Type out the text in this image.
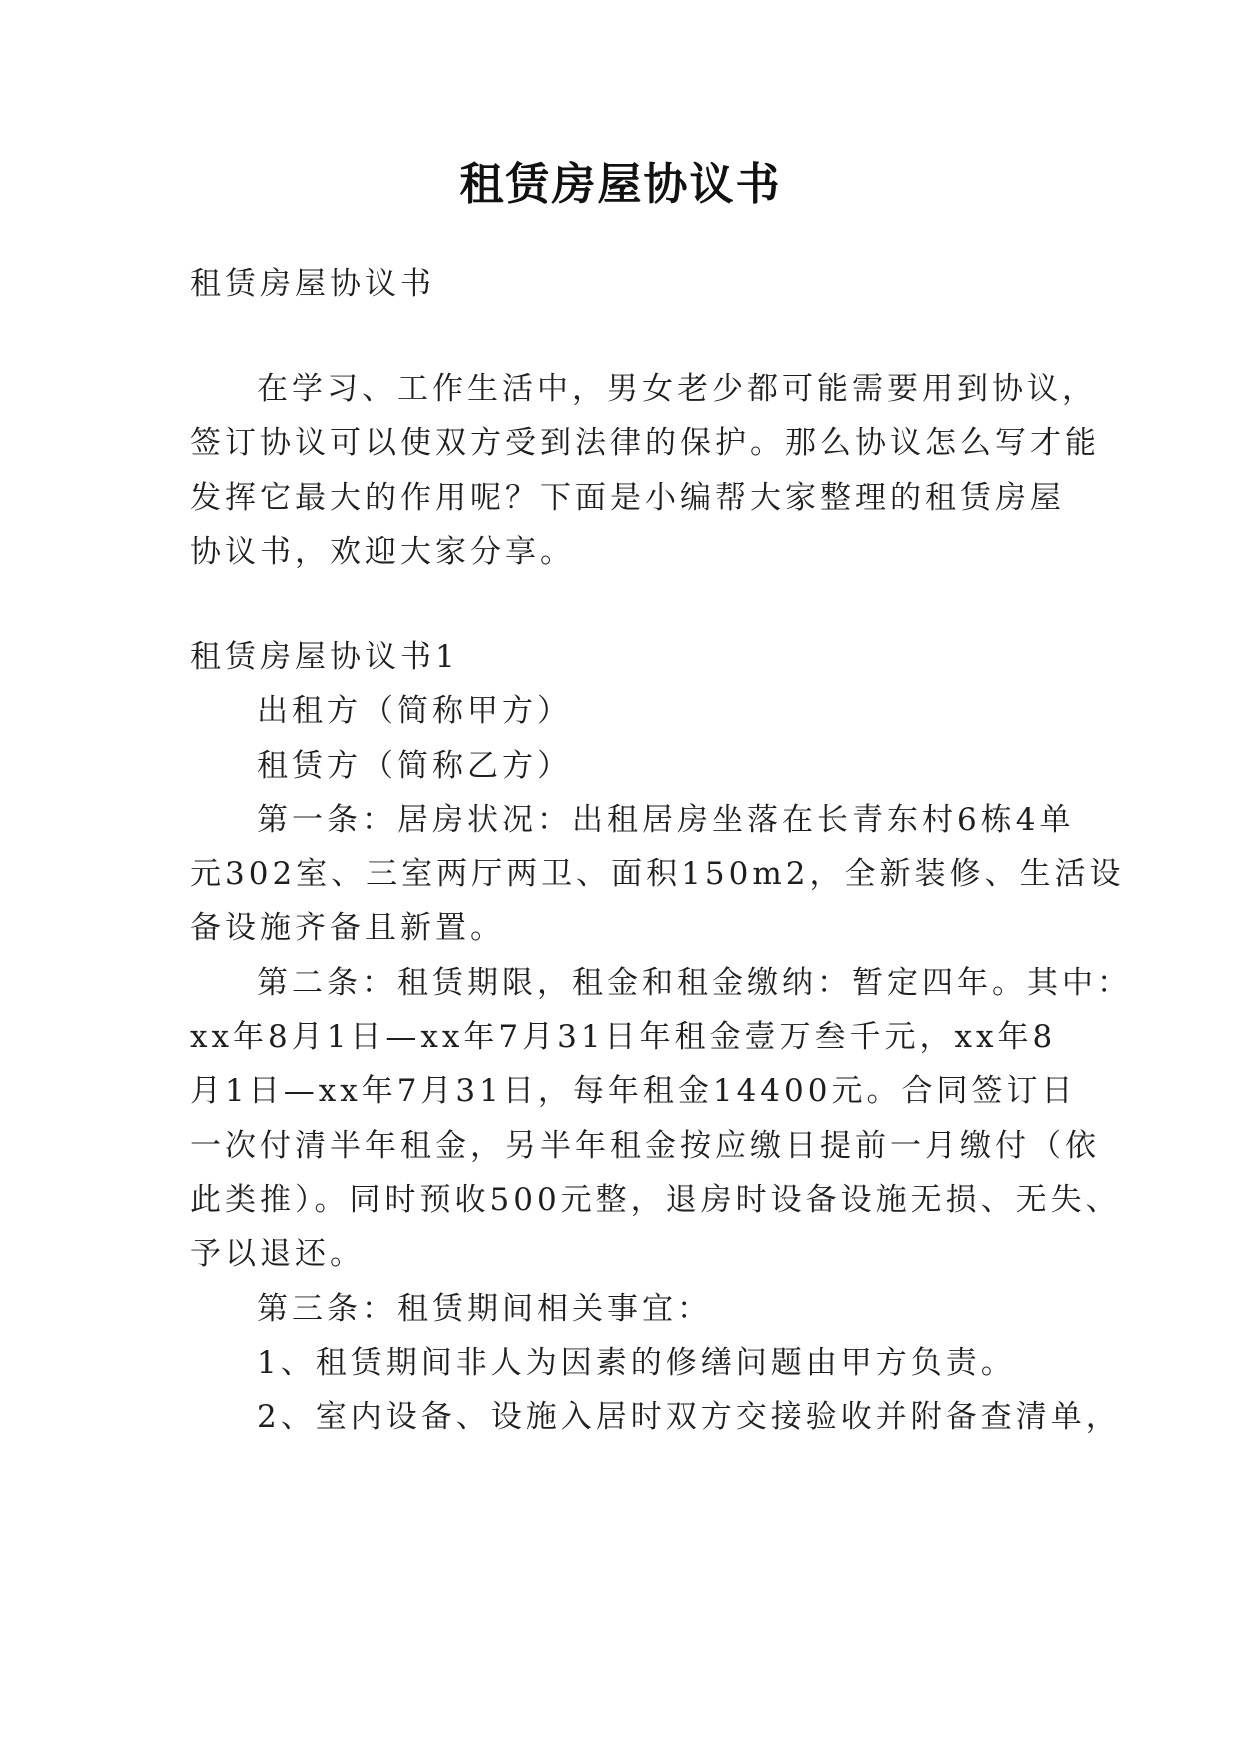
租赁房屋协议书
租赁房屋协议书
在学习、工作生活中，男女老少都可能需要用到协议，
签订协议可以使双方受到法律的保护。那么协议怎么写才能
发挥它最大的作用呢？下面是小编帮大家整理的租赁房屋
协议书，欢迎大家分享。
租赁房屋协议书1
出租方（简称甲方）
租赁方（简称乙方）
第一条：居房状况：出租居房坐落在长青东村6栋4单
元302室、三室两厅两卫、面积150m2，全新装修、生活设
备设施齐备且新置。
第二条：租赁期限，租金和租金缴纳：暂定四年。其中：
xx年8月1日—xx年7月31日年租金壹万叁千元，xx年8
月1日—xx年7月31日，每年租金14400元。合同签订日
一次付清半年租金，另半年租金按应缴日提前一月缴付（依
此类推）。同时预收500元整，退房时设备设施无损、无失、
予以退还。
第三条：租赁期间相关事宜：
1、租赁期间非人为因素的修缮问题由甲方负责。
2、室内设备、设施入居时双方交接验收并附备查清单，
